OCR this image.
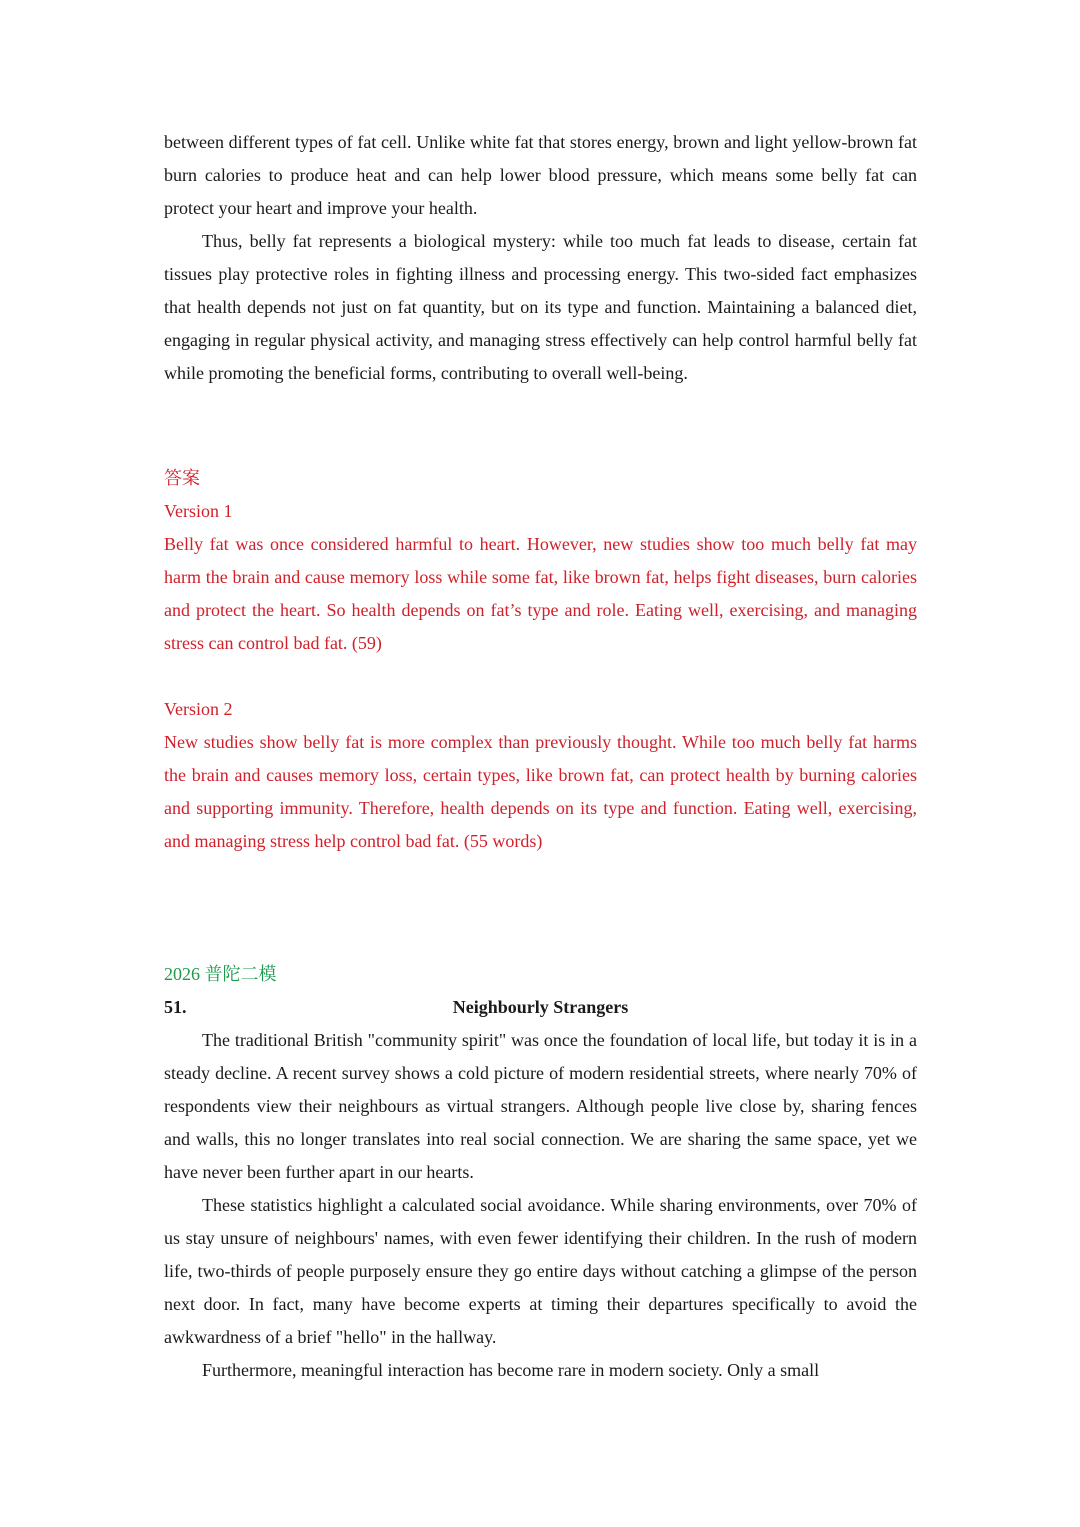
between different types of fat cell. Unlike white fat that stores energy, brown and light yellow-brown fat burn calories to produce heat and can help lower blood pressure, which means some belly fat can protect your heart and improve your health.

Thus, belly fat represents a biological mystery: while too much fat leads to disease, certain fat tissues play protective roles in fighting illness and processing energy. This two-sided fact emphasizes that health depends not just on fat quantity, but on its type and function. Maintaining a balanced diet, engaging in regular physical activity, and managing stress effectively can help control harmful belly fat while promoting the beneficial forms, contributing to overall well-being.

答案

Version 1

Belly fat was once considered harmful to heart. However, new studies show too much belly fat may harm the brain and cause memory loss while some fat, like brown fat, helps fight diseases, burn calories and protect the heart. So health depends on fat’s type and role. Eating well, exercising, and managing stress can control bad fat. (59)

Version 2

New studies show belly fat is more complex than previously thought. While too much belly fat harms the brain and causes memory loss, certain types, like brown fat, can protect health by burning calories and supporting immunity. Therefore, health depends on its type and function. Eating well, exercising, and managing stress help control bad fat. (55 words)

2026 普陀二模

51.	Neighbourly Strangers

The traditional British "community spirit" was once the foundation of local life, but today it is in a steady decline. A recent survey shows a cold picture of modern residential streets, where nearly 70% of respondents view their neighbours as virtual strangers. Although people live close by, sharing fences and walls, this no longer translates into real social connection. We are sharing the same space, yet we have never been further apart in our hearts.

These statistics highlight a calculated social avoidance. While sharing environments, over 70% of us stay unsure of neighbours' names, with even fewer identifying their children. In the rush of modern life, two-thirds of people purposely ensure they go entire days without catching a glimpse of the person next door. In fact, many have become experts at timing their departures specifically to avoid the awkwardness of a brief "hello" in the hallway.

Furthermore, meaningful interaction has become rare in modern society. Only a small
